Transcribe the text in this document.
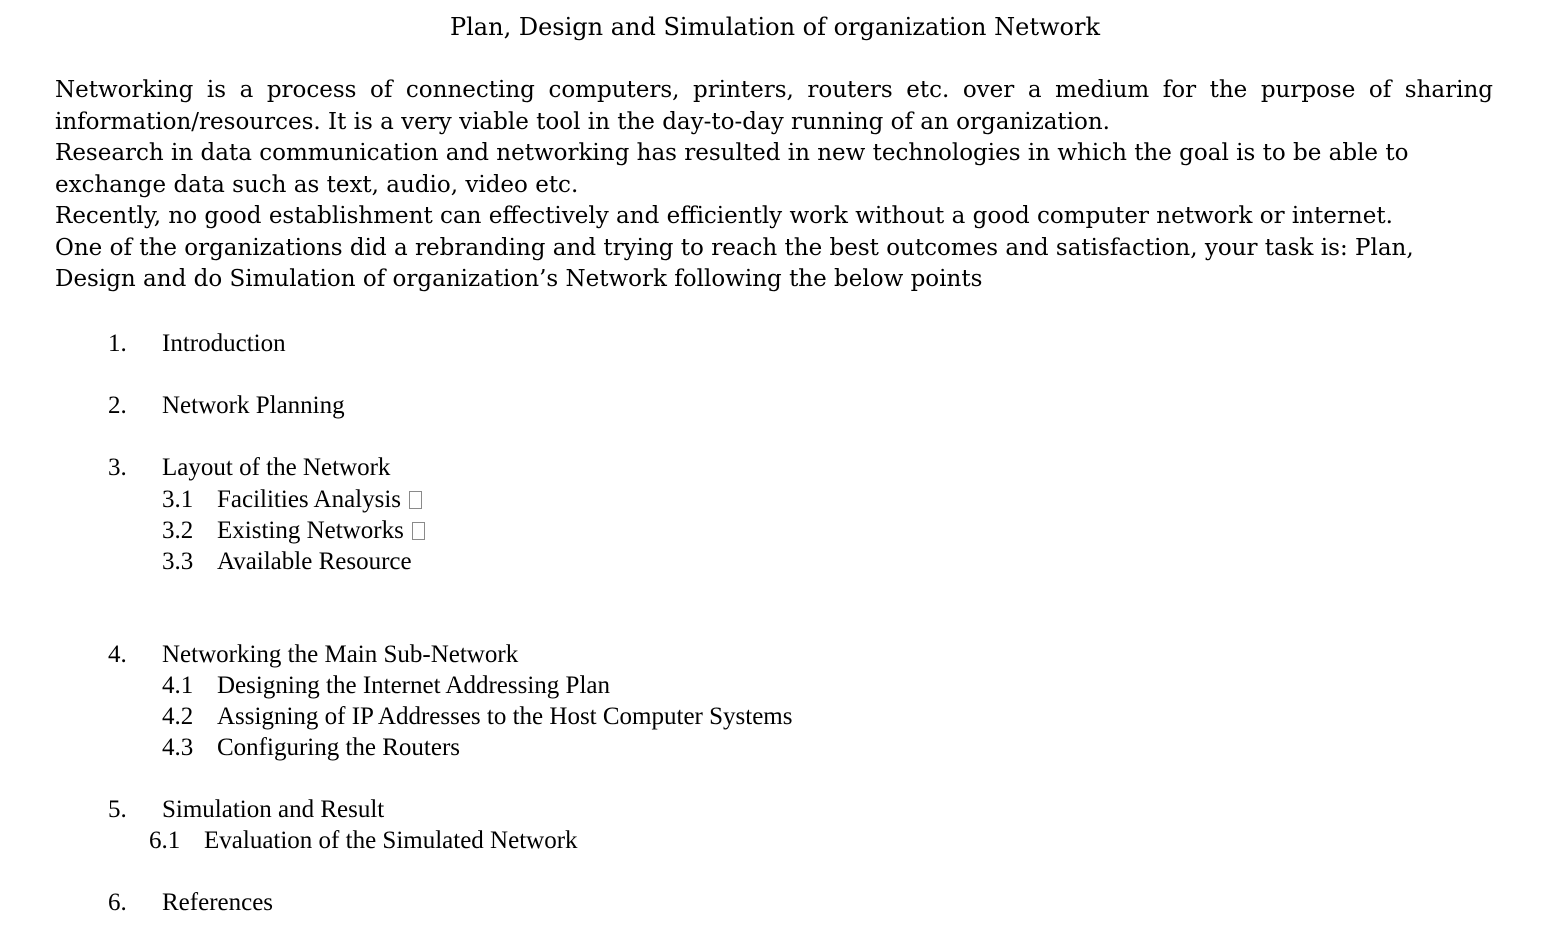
Plan, Design and Simulation of organization Network

Networking is a process of connecting computers, printers, routers etc. over a medium for the purpose of sharing information/resources. It is a very viable tool in the day-to-day running of an organization.

Research in data communication and networking has resulted in new technologies in which the goal is to be able to exchange data such as text, audio, video etc.

Recently, no good establishment can effectively and efficiently work without a good computer network or internet.

One of the organizations did a rebranding and trying to reach the best outcomes and satisfaction, your task is: Plan, Design and do Simulation of organization’s Network following the below points

1. Introduction
2. Network Planning
3. Layout of the Network
3.1 Facilities Analysis
3.2 Existing Networks
3.3 Available Resource
4. Networking the Main Sub-Network
4.1 Designing the Internet Addressing Plan
4.2 Assigning of IP Addresses to the Host Computer Systems
4.3 Configuring the Routers
5. Simulation and Result
6.1 Evaluation of the Simulated Network
6. References
